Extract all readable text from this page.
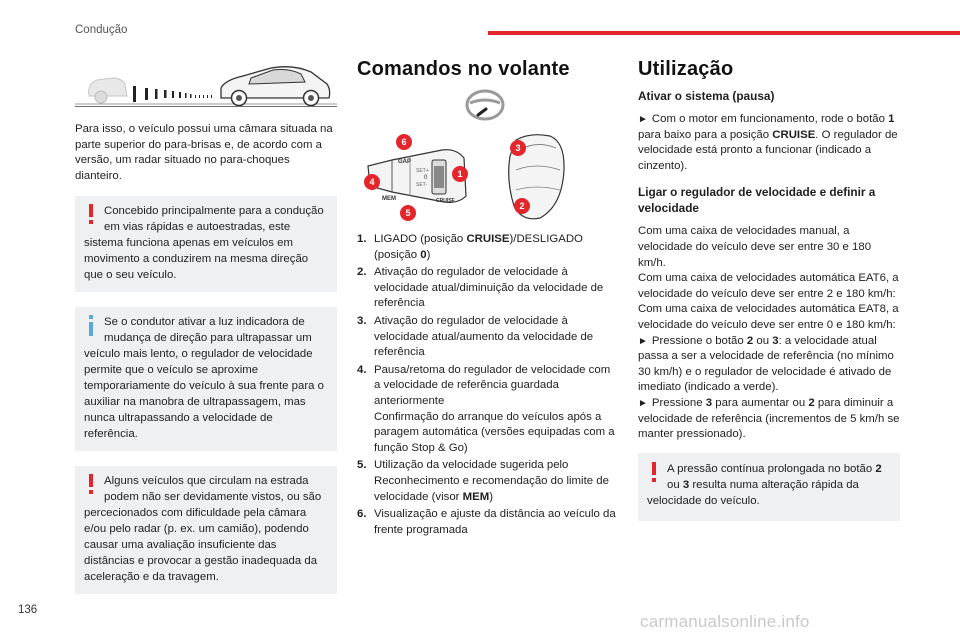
Condução

Para isso, o veículo possui uma câmara situada na parte superior do para-brisas e, de acordo com a versão, um radar situado no para-choques dianteiro.

Concebido principalmente para a condução em vias rápidas e autoestradas, este sistema funciona apenas em veículos em movimento a conduzirem na mesma direção que o seu veículo.
Se o condutor ativar a luz indicadora de mudança de direção para ultrapassar um veículo mais lento, o regulador de velocidade permite que o veículo se aproxime temporariamente do veículo à sua frente para o auxiliar na manobra de ultrapassagem, mas nunca ultrapassando a velocidade de referência.
Alguns veículos que circulam na estrada podem não ser devidamente vistos, ou são percecionados com dificuldade pela câmara e/ou pelo radar (p. ex. um camião), podendo causar uma avaliação insuficiente das distâncias e provocar a gestão inadequada da aceleração e da travagem.
Comandos no volante
GAP
MEM
SET+
SET-
0
CRUISE
1
2
3
4
5
6
1. LIGADO (posição CRUISE)/DESLIGADO (posição 0)
2. Ativação do regulador de velocidade à velocidade atual/diminuição da velocidade de referência
3. Ativação do regulador de velocidade à velocidade atual/aumento da velocidade de referência
4. Pausa/retoma do regulador de velocidade com a velocidade de referência guardada anteriormente
Confirmação do arranque do veículos após a paragem automática (versões equipadas com a função Stop & Go)
5. Utilização da velocidade sugerida pelo Reconhecimento e recomendação do limite de velocidade (visor MEM)
6. Visualização e ajuste da distância ao veículo da frente programada
Utilização
Ativar o sistema (pausa)

► Com o motor em funcionamento, rode o botão 1 para baixo para a posição CRUISE. O regulador de velocidade está pronto a funcionar (indicado a cinzento).

Ligar o regulador de velocidade e definir a velocidade

Com uma caixa de velocidades manual, a velocidade do veículo deve ser entre 30 e 180 km/h.

Com uma caixa de velocidades automática EAT6, a velocidade do veículo deve ser entre 2 e 180 km/h:

Com uma caixa de velocidades automática EAT8, a velocidade do veículo deve ser entre 0 e 180 km/h:

► Pressione o botão 2 ou 3: a velocidade atual passa a ser a velocidade de referência (no mínimo 30 km/h) e o regulador de velocidade é ativado de imediato (indicado a verde).

► Pressione 3 para aumentar ou 2 para diminuir a velocidade de referência (incrementos de 5 km/h se manter pressionado).

A pressão contínua prolongada no botão 2 ou 3 resulta numa alteração rápida da velocidade do veículo.
136
carmanualsonline.info
